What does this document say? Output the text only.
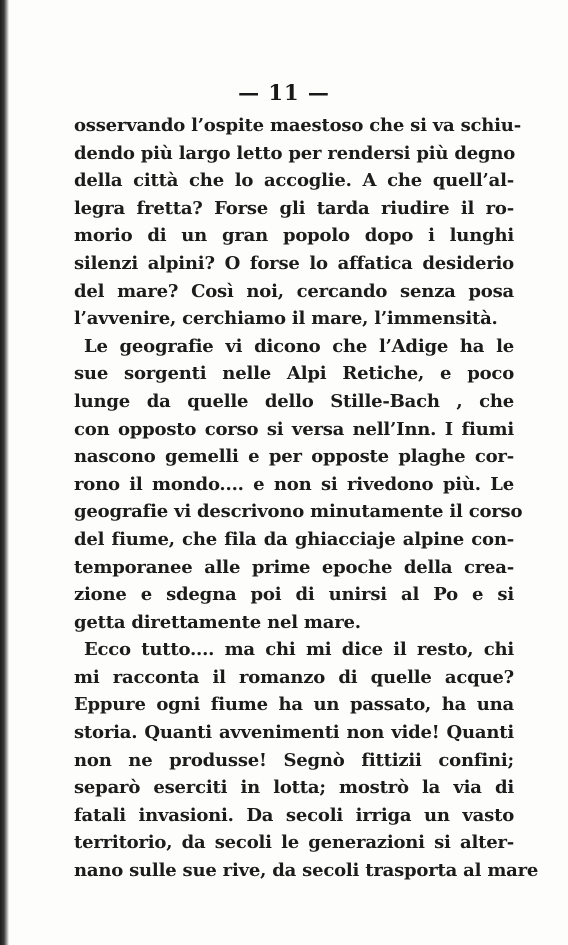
— 11 —
osservando l’ospite maestoso che si va schiu-
dendo più largo letto per rendersi più degno
della città che lo accoglie. A che quell’al-
legra fretta? Forse gli tarda riudire il ro-
morio di un gran popolo dopo i lunghi
silenzi alpini? O forse lo affatica desiderio
del mare? Così noi, cercando senza posa
l’avvenire, cerchiamo il mare, l’immensità.
Le geografie vi dicono che l’Adige ha le
sue sorgenti nelle Alpi Retiche, e poco
lunge da quelle dello Stille-Bach , che
con opposto corso si versa nell’Inn. I fiumi
nascono gemelli e per opposte plaghe cor-
rono il mondo.... e non si rivedono più. Le
geografie vi descrivono minutamente il corso
del fiume, che fila da ghiacciaje alpine con-
temporanee alle prime epoche della crea-
zione e sdegna poi di unirsi al Po e si
getta direttamente nel mare.
Ecco tutto.... ma chi mi dice il resto, chi
mi racconta il romanzo di quelle acque?
Eppure ogni fiume ha un passato, ha una
storia. Quanti avvenimenti non vide! Quanti
non ne produsse! Segnò fittizii confini;
separò eserciti in lotta; mostrò la via di
fatali invasioni. Da secoli irriga un vasto
territorio, da secoli le generazioni si alter-
nano sulle sue rive, da secoli trasporta al mare
